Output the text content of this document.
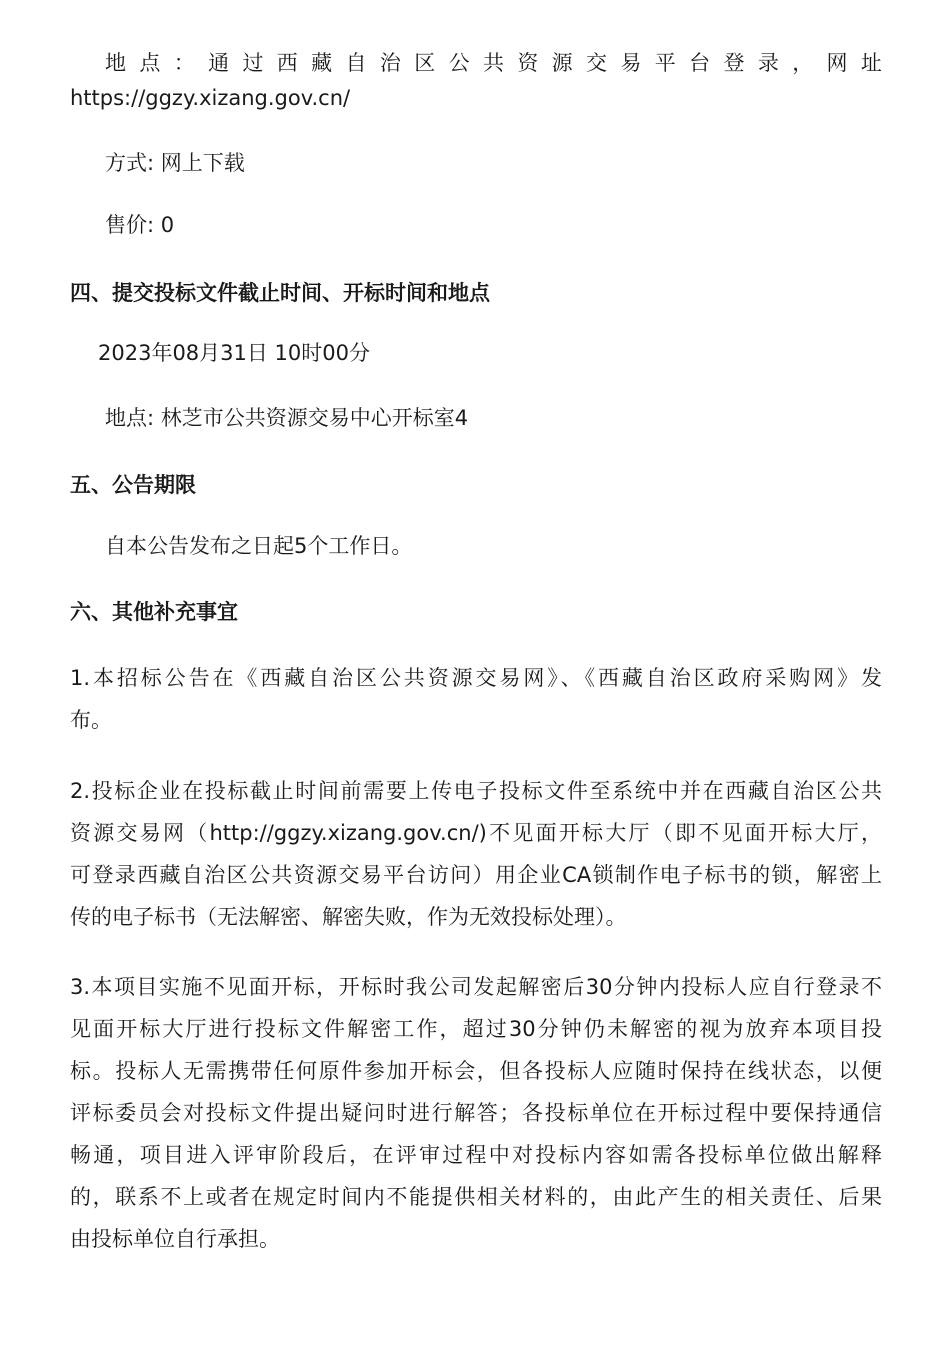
地 点 ： 通 过 西 藏 自 治 区 公 共 资 源 交 易 平 台 登 录 ， 网 址
https://ggzy.xizang.gov.cn/
方式: 网上下载
售价: 0
四、提交投标文件截止时间、开标时间和地点
2023年08月31日 10时00分
地点: 林芝市公共资源交易中心开标室4
五、公告期限
自本公告发布之日起5个工作日。
六、其他补充事宜
1.本招标公告在《西藏自治区公共资源交易网》、《西藏自治区政府采购网》发
布。
2.投标企业在投标截止时间前需要上传电子投标文件至系统中并在西藏自治区公共
资源交易网（http://ggzy.xizang.gov.cn/)不见面开标大厅（即不见面开标大厅，
可登录西藏自治区公共资源交易平台访问）用企业CA锁制作电子标书的锁，解密上
传的电子标书（无法解密、解密失败，作为无效投标处理）。
3.本项目实施不见面开标，开标时我公司发起解密后30分钟内投标人应自行登录不
见面开标大厅进行投标文件解密工作，超过30分钟仍未解密的视为放弃本项目投
标。投标人无需携带任何原件参加开标会，但各投标人应随时保持在线状态，以便
评标委员会对投标文件提出疑问时进行解答；各投标单位在开标过程中要保持通信
畅通，项目进入评审阶段后，在评审过程中对投标内容如需各投标单位做出解释
的，联系不上或者在规定时间内不能提供相关材料的，由此产生的相关责任、后果
由投标单位自行承担。
